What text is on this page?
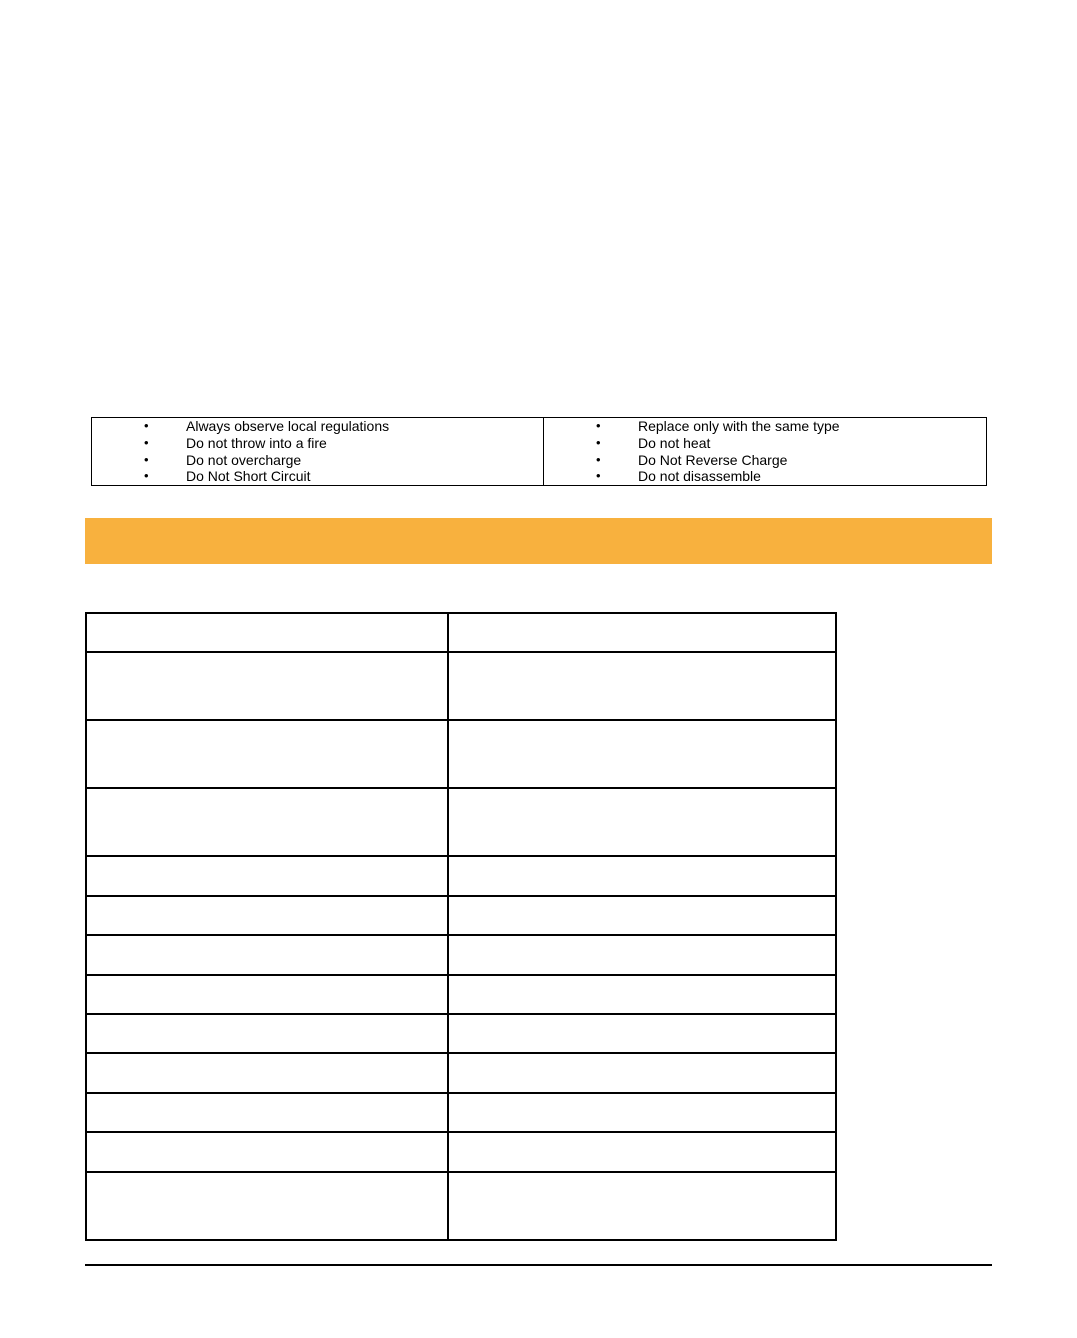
•	Always observe local regulations
•	Do not throw into a fire
•	Do not overcharge
•	Do Not Short Circuit
•	Replace only with the same type
•	Do not heat
•	Do Not Reverse Charge
•	Do not disassemble
